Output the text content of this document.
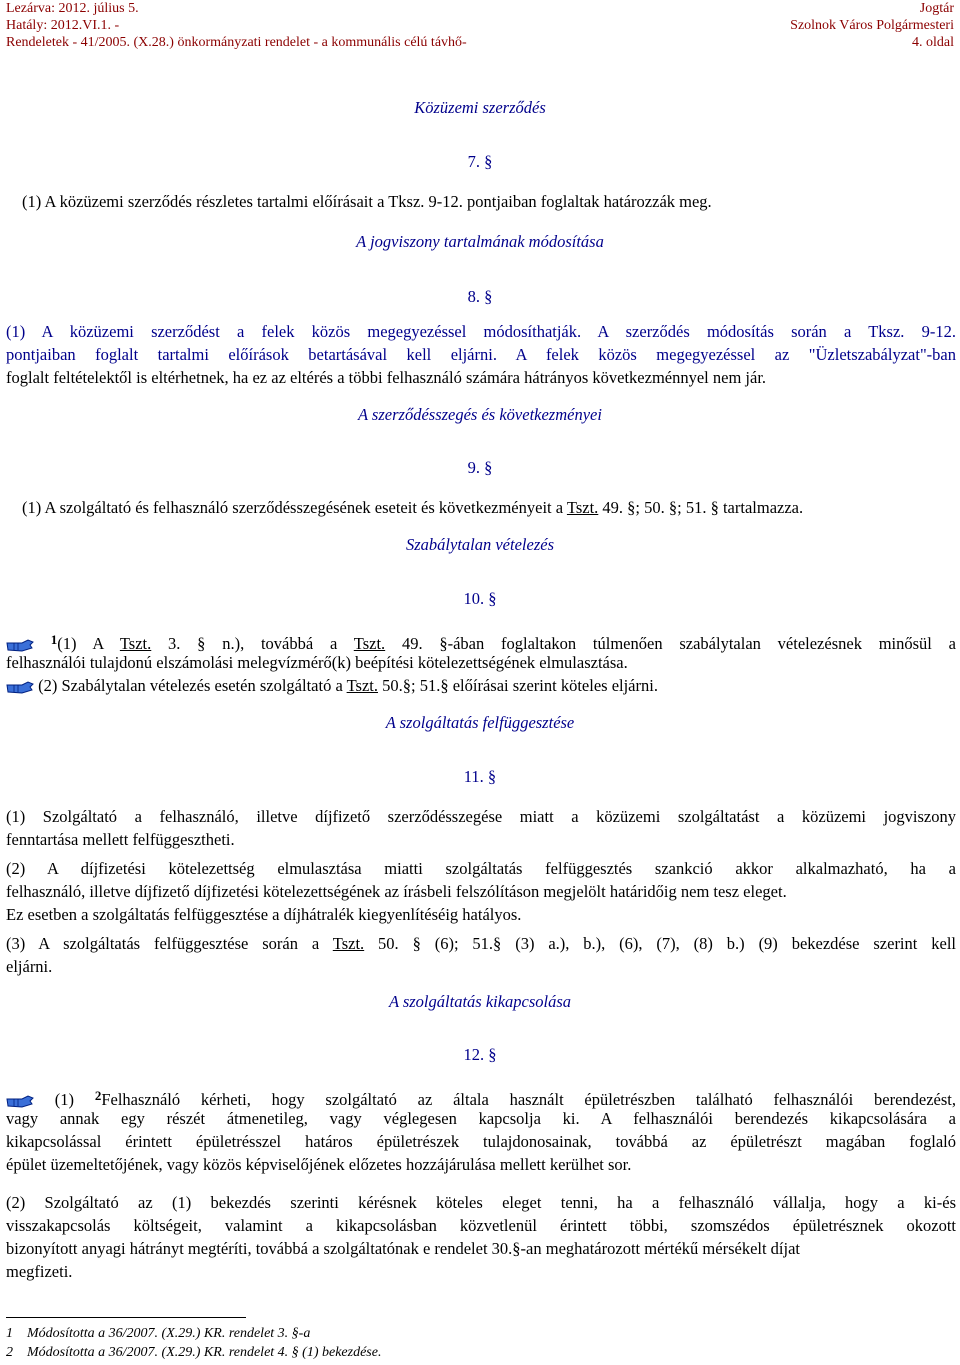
Lezárva: 2012. július 5.
Hatály: 2012.VI.1. -
Rendeletek - 41/2005. (X.28.) önkormányzati rendelet - a kommunális célú távhő-
Jogtár
Szolnok Város Polgármesteri
4. oldal
Közüzemi szerződés
7. §
(1) A közüzemi szerződés részletes tartalmi előírásait a Tksz. 9-12. pontjaiban foglaltak határozzák meg.
A jogviszony tartalmának módosítása
8. §
(1) A közüzemi szerződést a felek közös megegyezéssel módosíthatják. A szerződés módosítás során a Tksz. 9-12.
pontjaiban foglalt tartalmi előírások betartásával kell eljárni. A felek közös megegyezéssel az "Üzletszabályzat"-ban
foglalt feltételektől is eltérhetnek, ha ez az eltérés a többi felhasználó számára hátrányos következménnyel nem jár.
A szerződésszegés és következményei
9. §
(1) A szolgáltató és felhasználó szerződésszegésének eseteit és következményeit a Tszt. 49. §; 50. §; 51. § tartalmazza.
Szabálytalan vételezés
10. §
$^1$(1) A Tszt. 3. § n.), továbbá a Tszt. 49. §-ában foglaltakon túlmenően szabálytalan vételezésnek minősül a
felhasználói tulajdonú elszámolási melegvízmérő(k) beépítési kötelezettségének elmulasztása.
(2) Szabálytalan vételezés esetén szolgáltató a Tszt. 50.§; 51.§ előírásai szerint köteles eljárni.
A szolgáltatás felfüggesztése
11. §
(1) Szolgáltató a felhasználó, illetve díjfizető szerződésszegése miatt a közüzemi szolgáltatást a közüzemi jogviszony
fenntartása mellett felfüggesztheti.
(2) A díjfizetési kötelezettség elmulasztása miatti szolgáltatás felfüggesztés szankció akkor alkalmazható, ha a
felhasználó, illetve díjfizető díjfizetési kötelezettségének az írásbeli felszólításon megjelölt határidőig nem tesz eleget.
Ez esetben a szolgáltatás felfüggesztése a díjhátralék kiegyenlítéséig hatályos.
(3) A szolgáltatás felfüggesztése során a Tszt. 50. § (6); 51.§ (3) a.), b.), (6), (7), (8) b.) (9) bekezdése szerint kell
eljárni.
A szolgáltatás kikapcsolása
12. §
(1) $^2$Felhasználó kérheti, hogy szolgáltató az általa használt épületrészben található felhasználói berendezést,
vagy annak egy részét átmenetileg, vagy véglegesen kapcsolja ki. A felhasználói berendezés kikapcsolására a
kikapcsolással érintett épületrésszel határos épületrészek tulajdonosainak, továbbá az épületrészt magában foglaló
épület üzemeltetőjének, vagy közös képviselőjének előzetes hozzájárulása mellett kerülhet sor.
(2) Szolgáltató az (1) bekezdés szerinti kérésnek köteles eleget tenni, ha a felhasználó vállalja, hogy a ki-és
visszakapcsolás költségeit, valamint a kikapcsolásban közvetlenül érintett többi, szomszédos épületrésznek okozott
bizonyított anyagi hátrányt megtéríti, továbbá a szolgáltatónak e rendelet 30.§-an meghatározott mértékű mérsékelt díjat
megfizeti.
1 Módosította a 36/2007. (X.29.) KR. rendelet 3. §-a
2 Módosította a 36/2007. (X.29.) KR. rendelet 4. § (1) bekezdése.
